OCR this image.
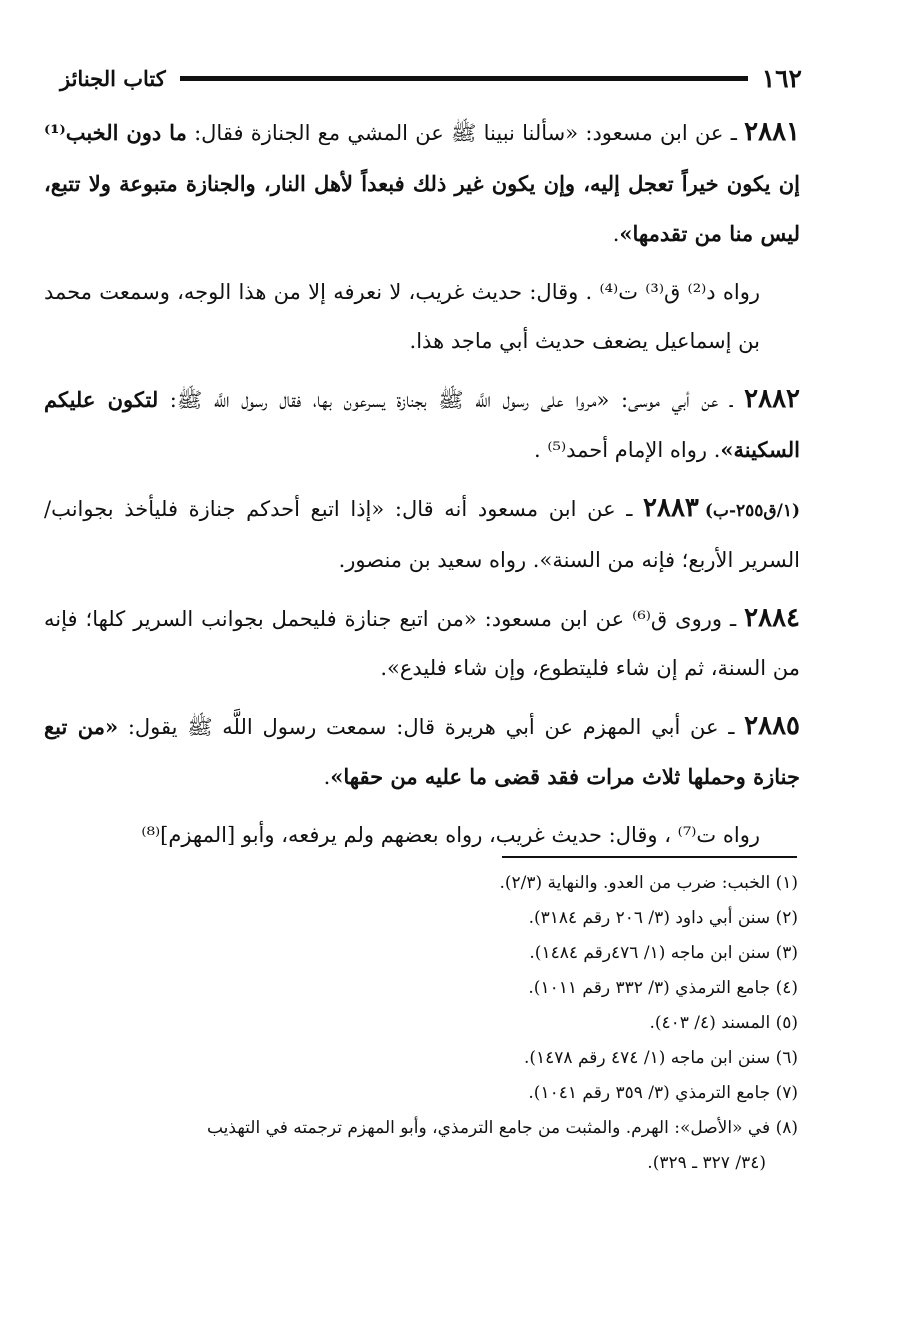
١٦٢
كتاب الجنائز

٢٨٨١ ـ عن ابن مسعود: «سألنا نبينا ﷺ عن المشي مع الجنازة فقال: ما دون الخبب⁽¹⁾ إن يكون خيراً تعجل إليه، وإن يكون غير ذلك فبعداً لأهل النار، والجنازة متبوعة ولا تتبع، ليس منا من تقدمها».

رواه د⁽²⁾ ق⁽³⁾ ت⁽⁴⁾ . وقال: حديث غريب، لا نعرفه إلا من هذا الوجه، وسمعت محمد بن إسماعيل يضعف حديث أبي ماجد هذا.

٢٨٨٢ ـ عن أبي موسى: «مروا على رسول اللَّه ﷺ بجنازة يسرعون بها، فقال رسول اللَّه ﷺ: لتكون عليكم السكينة». رواه الإمام أحمد⁽⁵⁾ .

(١/ق٢٥٥-ب)٢٨٨٣ ـ عن ابن مسعود أنه قال: «إذا اتبع أحدكم جنازة فليأخذ بجوانب/ السرير الأربع؛ فإنه من السنة». رواه سعيد بن منصور.

٢٨٨٤ ـ وروى ق⁽⁶⁾ عن ابن مسعود: «من اتبع جنازة فليحمل بجوانب السرير كلها؛ فإنه من السنة، ثم إن شاء فليتطوع، وإن شاء فليدع».

٢٨٨٥ ـ عن أبي المهزم عن أبي هريرة قال: سمعت رسول اللَّه ﷺ يقول: «من تبع جنازة وحملها ثلاث مرات فقد قضى ما عليه من حقها».

رواه ت⁽⁷⁾ ، وقال: حديث غريب، رواه بعضهم ولم يرفعه، وأبو [المهزم]⁽⁸⁾

(١) الخبب: ضرب من العدو. والنهاية (٢/٣).

(٢) سنن أبي داود (٣/ ٢٠٦ رقم ٣١٨٤).

(٣) سنن ابن ماجه (١/ ٤٧٦رقم ١٤٨٤).

(٤) جامع الترمذي (٣/ ٣٣٢ رقم ١٠١١).

(٥) المسند (٤/ ٤٠٣).

(٦) سنن ابن ماجه (١/ ٤٧٤ رقم ١٤٧٨).

(٧) جامع الترمذي (٣/ ٣٥٩ رقم ١٠٤١).

(٨) في «الأصل»: الهرم. والمثبت من جامع الترمذي، وأبو المهزم ترجمته في التهذيب

(٣٤/ ٣٢٧ ـ ٣٢٩).
